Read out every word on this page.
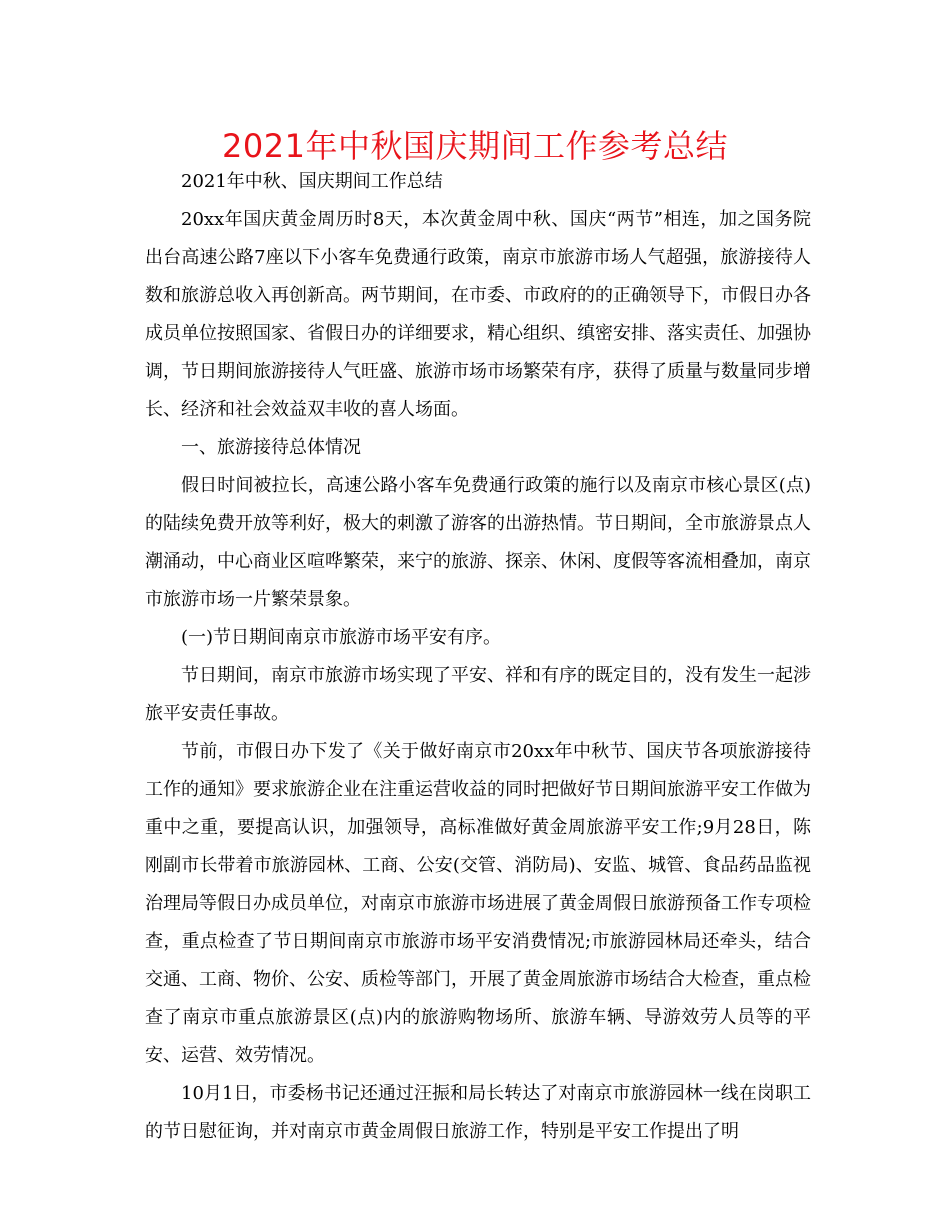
2021年中秋国庆期间工作参考总结

2021年中秋、国庆期间工作总结

20xx年国庆黄金周历时8天，本次黄金周中秋、国庆“两节”相连，加之国务院出台高速公路7座以下小客车免费通行政策，南京市旅游市场人气超强，旅游接待人数和旅游总收入再创新高。两节期间，在市委、市政府的的正确领导下，市假日办各成员单位按照国家、省假日办的详细要求，精心组织、缜密安排、落实责任、加强协调，节日期间旅游接待人气旺盛、旅游市场市场繁荣有序，获得了质量与数量同步增长、经济和社会效益双丰收的喜人场面。

一、旅游接待总体情况

假日时间被拉长，高速公路小客车免费通行政策的施行以及南京市核心景区(点)的陆续免费开放等利好，极大的刺激了游客的出游热情。节日期间，全市旅游景点人潮涌动，中心商业区喧哗繁荣，来宁的旅游、探亲、休闲、度假等客流相叠加，南京市旅游市场一片繁荣景象。

(一)节日期间南京市旅游市场平安有序。

节日期间，南京市旅游市场实现了平安、祥和有序的既定目的，没有发生一起涉旅平安责任事故。

节前，市假日办下发了《关于做好南京市20xx年中秋节、国庆节各项旅游接待工作的通知》要求旅游企业在注重运营收益的同时把做好节日期间旅游平安工作做为重中之重，要提高认识，加强领导，高标准做好黄金周旅游平安工作;9月28日，陈刚副市长带着市旅游园林、工商、公安(交管、消防局)、安监、城管、食品药品监视治理局等假日办成员单位，对南京市旅游市场进展了黄金周假日旅游预备工作专项检查，重点检查了节日期间南京市旅游市场平安消费情况;市旅游园林局还牵头，结合交通、工商、物价、公安、质检等部门，开展了黄金周旅游市场结合大检查，重点检查了南京市重点旅游景区(点)内的旅游购物场所、旅游车辆、导游效劳人员等的平安、运营、效劳情况。

10月1日，市委杨书记还通过汪振和局长转达了对南京市旅游园林一线在岗职工的节日慰征询，并对南京市黄金周假日旅游工作，特别是平安工作提出了明
